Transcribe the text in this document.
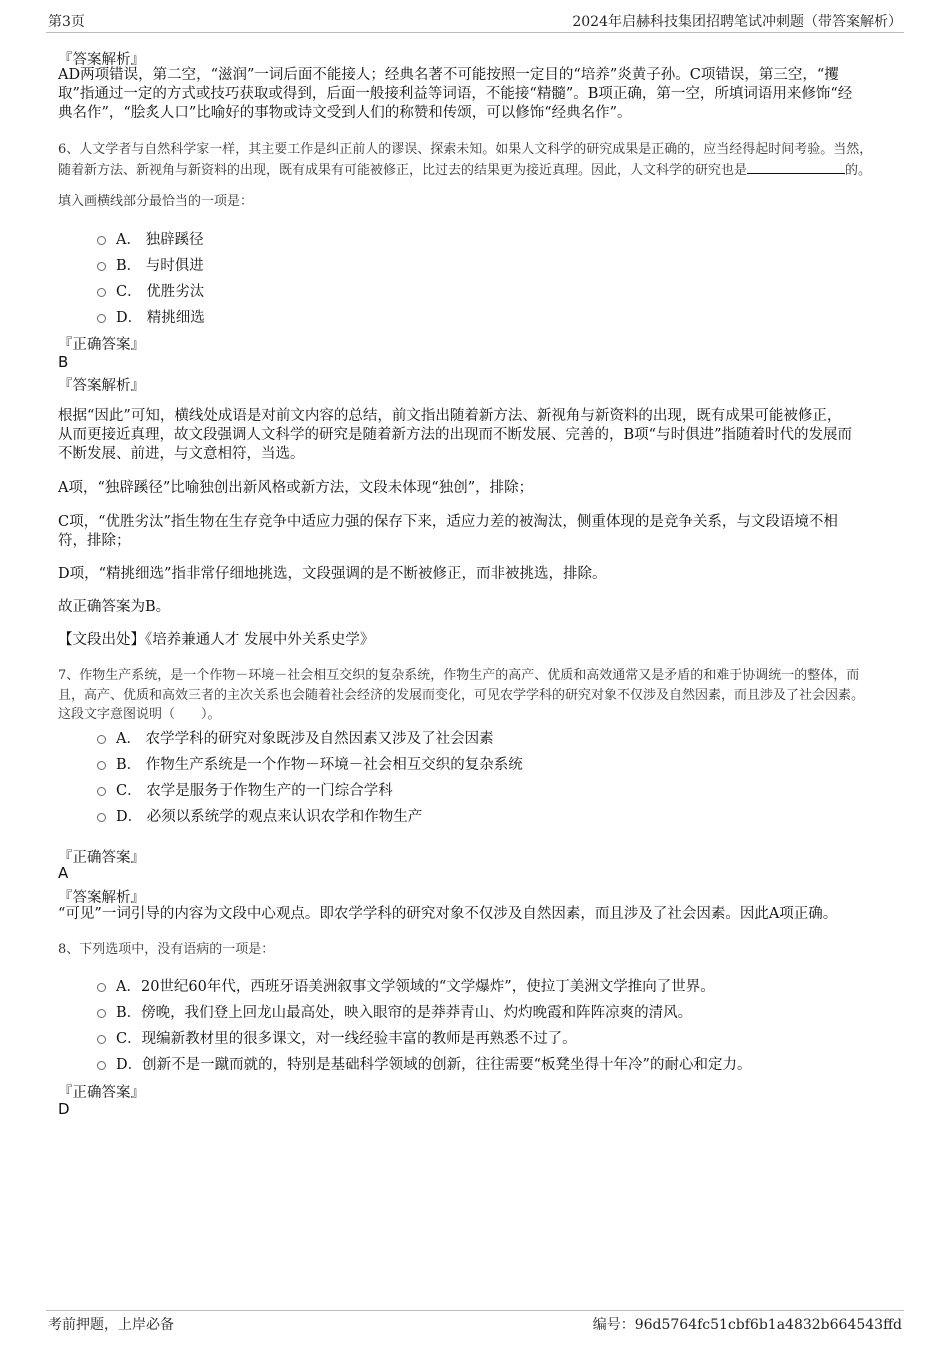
第3页	2024年启赫科技集团招聘笔试冲刺题（带答案解析）
『答案解析』
AD两项错误，第二空，“滋润”一词后面不能接人；经典名著不可能按照一定目的“培养”炎黄子孙。C项错误，第三空，“攫
取”指通过一定的方式或技巧获取或得到，后面一般接利益等词语，不能接“精髓”。B项正确，第一空，所填词语用来修饰“经
典名作”，“脍炙人口”比喻好的事物或诗文受到人们的称赞和传颂，可以修饰“经典名作”。
6、人文学者与自然科学家一样，其主要工作是纠正前人的谬误、探索未知。如果人文科学的研究成果是正确的，应当经得起时间考验。当然，
随着新方法、新视角与新资料的出现，既有成果有可能被修正，比过去的结果更为接近真理。因此，人文科学的研究也是	的。
填入画横线部分最恰当的一项是：
A． 独辟蹊径
B． 与时俱进
C． 优胜劣汰
D． 精挑细选
『正确答案』
B
『答案解析』
根据“因此”可知，横线处成语是对前文内容的总结，前文指出随着新方法、新视角与新资料的出现，既有成果可能被修正，
从而更接近真理，故文段强调人文科学的研究是随着新方法的出现而不断发展、完善的，B项“与时俱进”指随着时代的发展而
不断发展、前进，与文意相符，当选。
A项，“独辟蹊径”比喻独创出新风格或新方法，文段未体现“独创”，排除；
C项，“优胜劣汰”指生物在生存竞争中适应力强的保存下来，适应力差的被淘汰，侧重体现的是竞争关系，与文段语境不相
符，排除；
D项，“精挑细选”指非常仔细地挑选，文段强调的是不断被修正，而非被挑选，排除。
故正确答案为B。
【文段出处】《培养兼通人才 发展中外关系史学》
7、作物生产系统，是一个作物－环境－社会相互交织的复杂系统，作物生产的高产、优质和高效通常又是矛盾的和难于协调统一的整体，而
且，高产、优质和高效三者的主次关系也会随着社会经济的发展而变化，可见农学学科的研究对象不仅涉及自然因素，而且涉及了社会因素。
这段文字意图说明（　　）。
A． 农学学科的研究对象既涉及自然因素又涉及了社会因素
B． 作物生产系统是一个作物－环境－社会相互交织的复杂系统
C． 农学是服务于作物生产的一门综合学科
D． 必须以系统学的观点来认识农学和作物生产
『正确答案』
A
『答案解析』
“可见”一词引导的内容为文段中心观点。即农学学科的研究对象不仅涉及自然因素，而且涉及了社会因素。因此A项正确。
8、下列选项中，没有语病的一项是：
A．20世纪60年代，西班牙语美洲叙事文学领域的“文学爆炸”，使拉丁美洲文学推向了世界。
B．傍晚，我们登上回龙山最高处，映入眼帘的是莽莽青山、灼灼晚霞和阵阵凉爽的清风。
C．现编新教材里的很多课文，对一线经验丰富的教师是再熟悉不过了。
D．创新不是一蹴而就的，特别是基础科学领域的创新，往往需要“板凳坐得十年冷”的耐心和定力。
『正确答案』
D
考前押题，上岸必备	编号：96d5764fc51cbf6b1a4832b664543ffd
